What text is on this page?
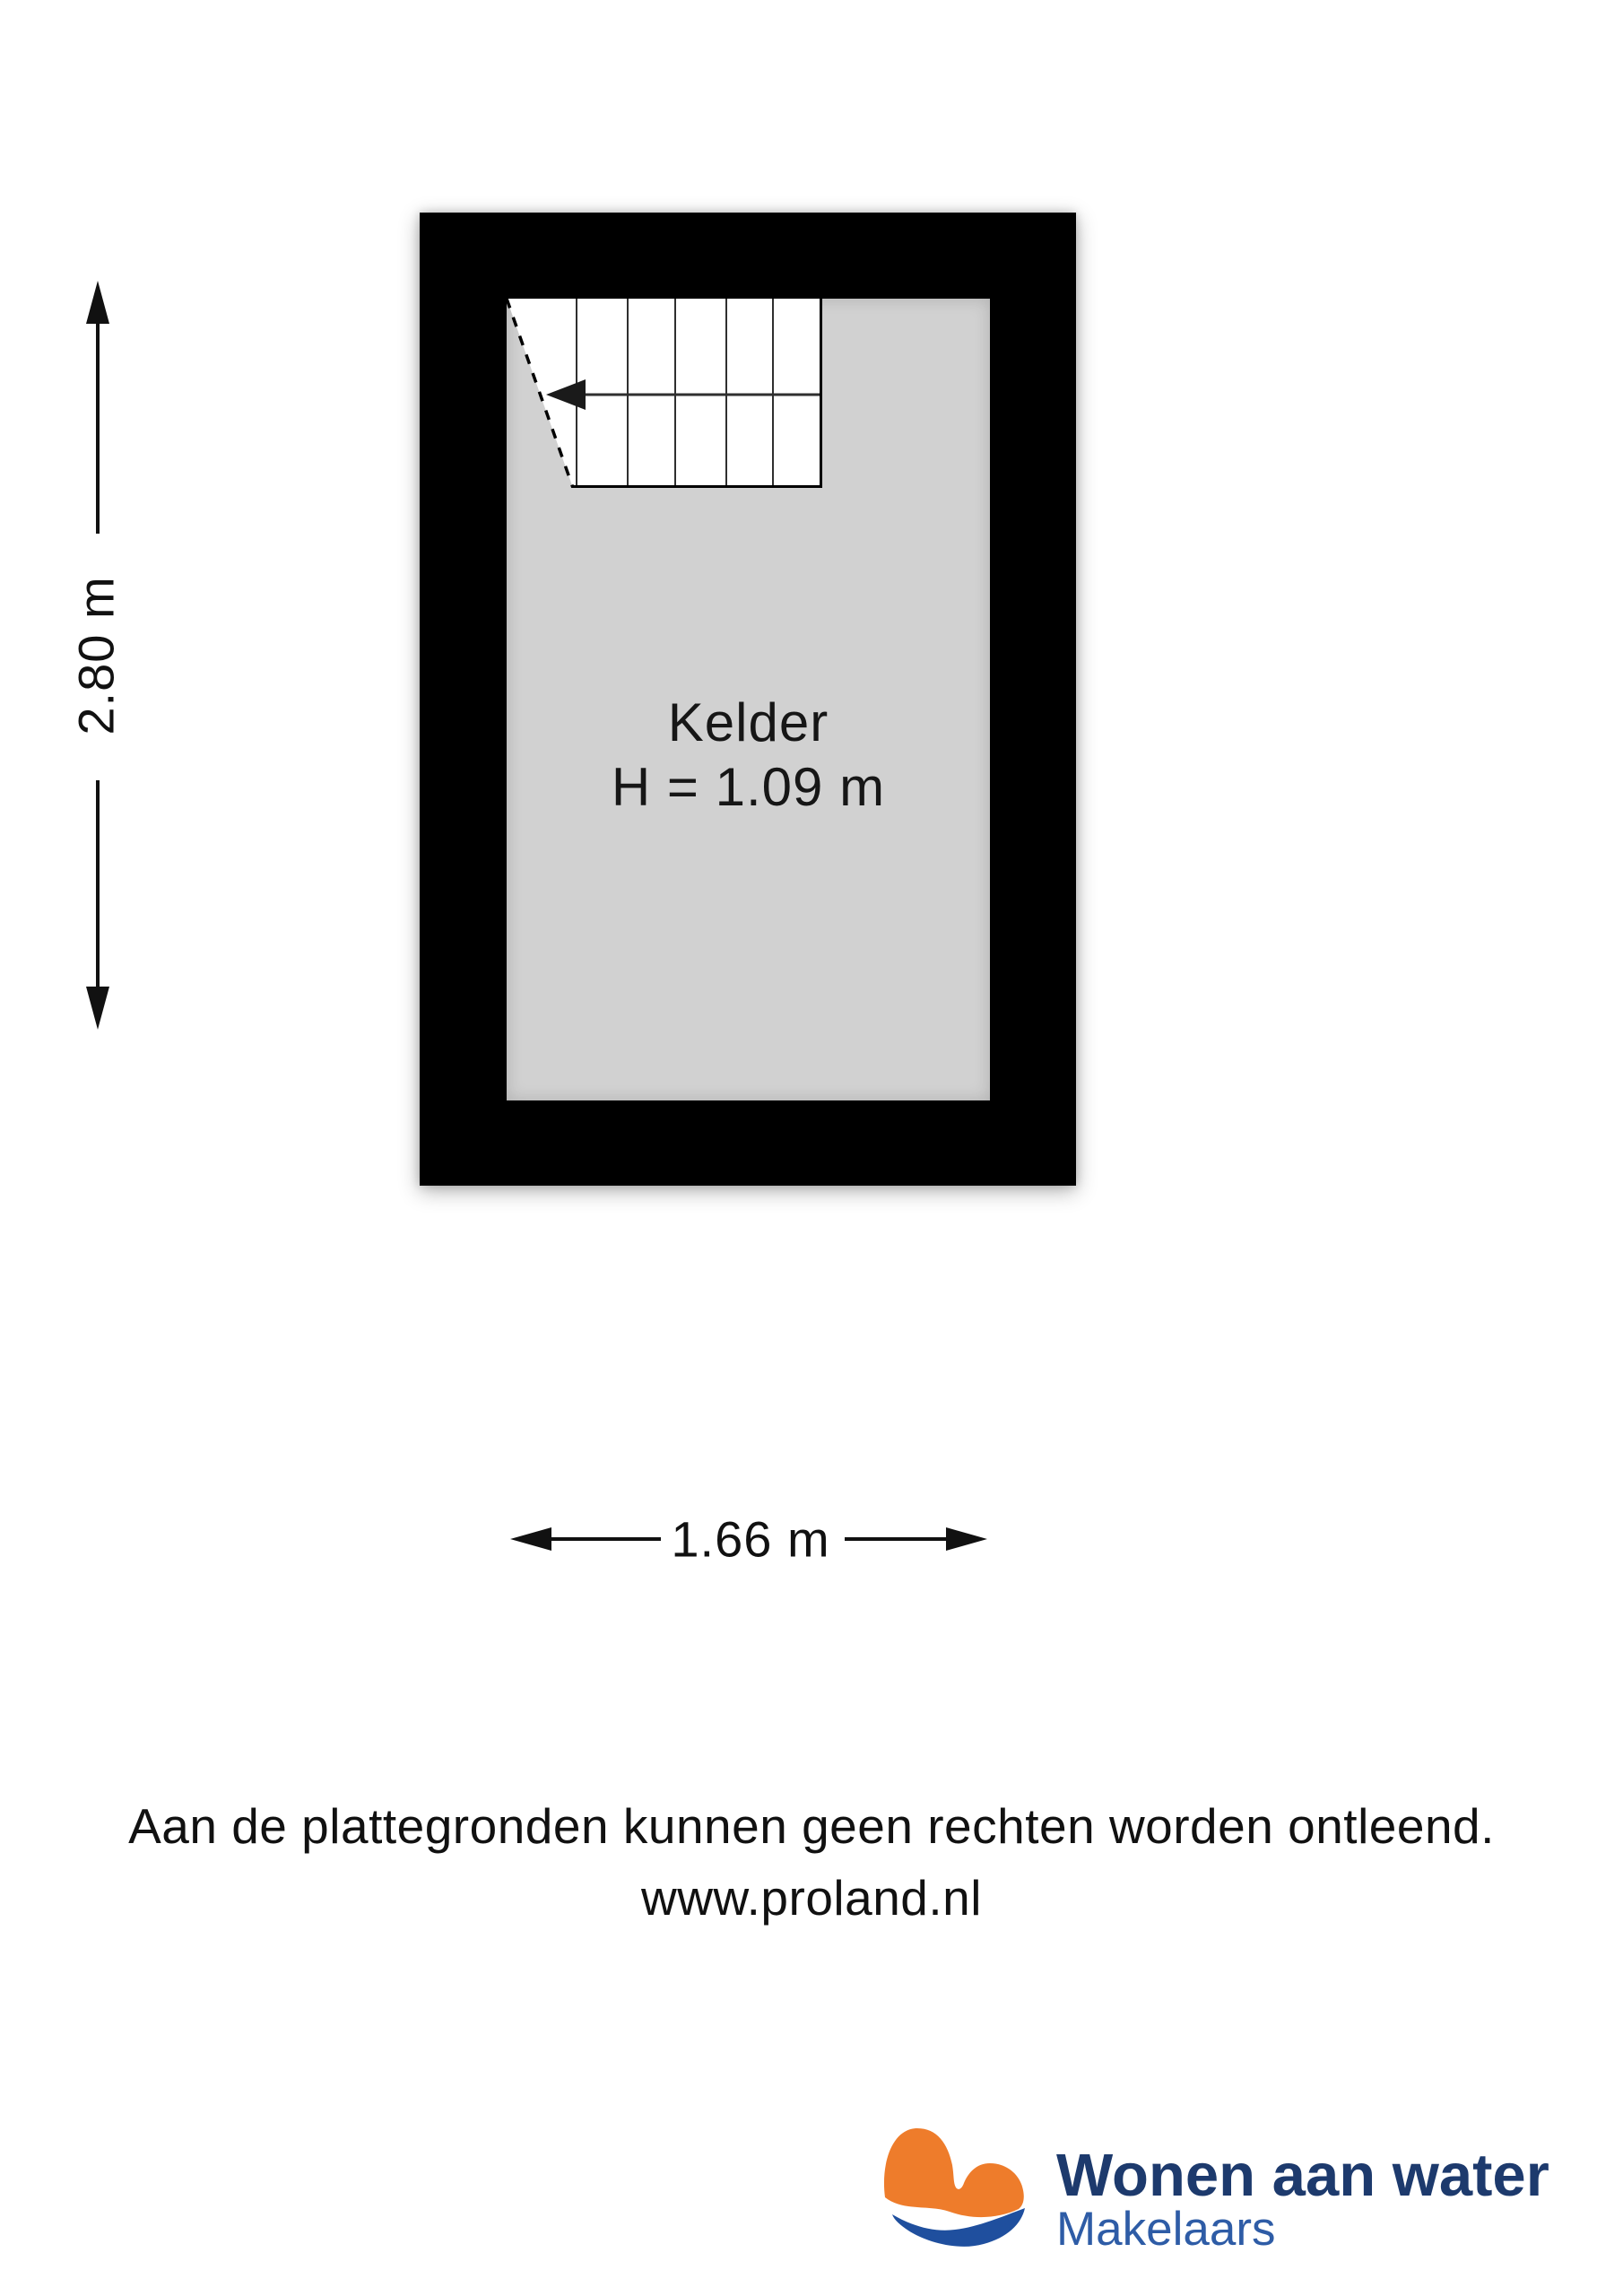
Kelder
H = 1.09 m
2.80 m
1.66 m
Aan de plattegronden kunnen geen rechten worden ontleend.
www.proland.nl
Wonen aan water
Makelaars
